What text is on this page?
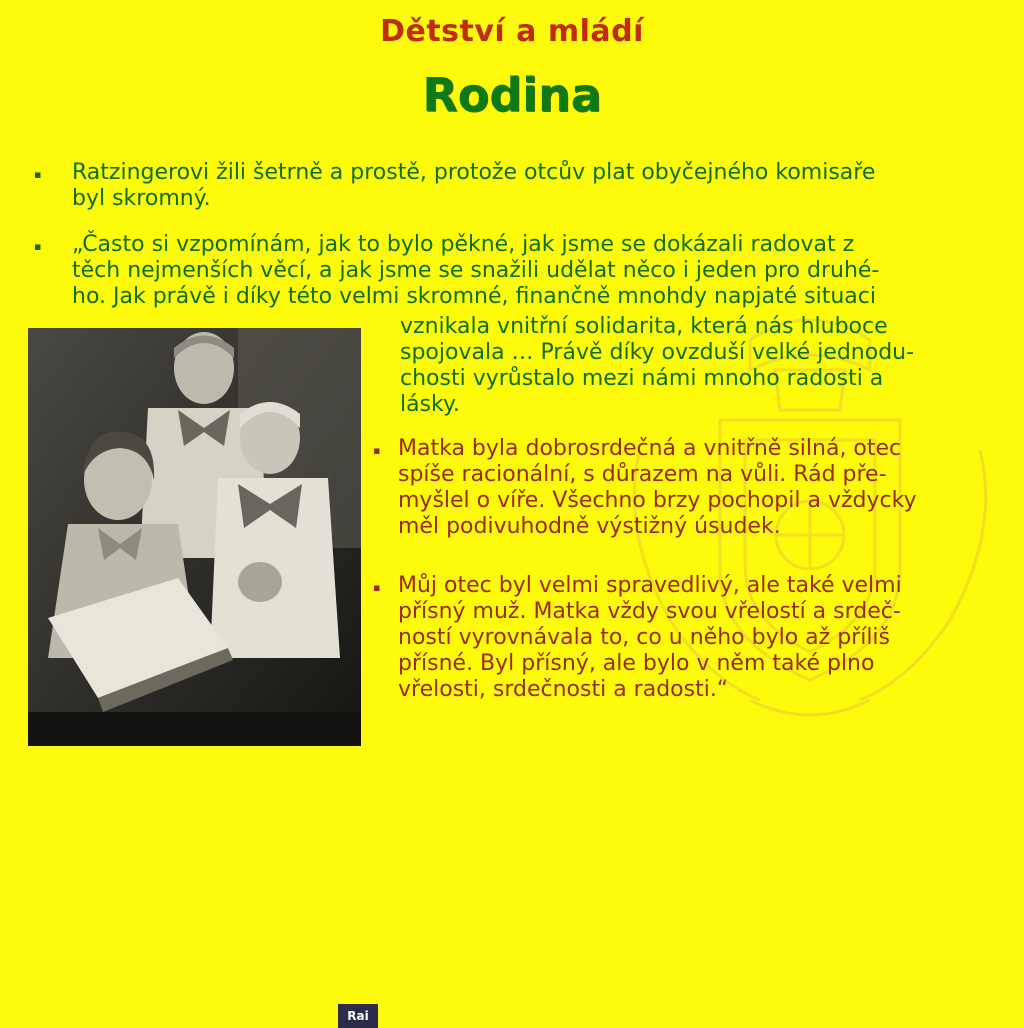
Dětství a mládí
Rodina
▪ Ratzingerovi žili šetrně a prostě, protože otcův plat obyčejného komisaře
byl skromný.
▪ „Často si vzpomínám, jak to bylo pěkné, jak jsme se dokázali radovat z
těch nejmenších věcí, a jak jsme se snažili udělat něco i jeden pro druhé-
ho. Jak právě i díky této velmi skromné, finančně mnohdy napjaté situaci
vznikala vnitřní solidarita, která nás hluboce
spojovala … Právě díky ovzduší velké jednodu-
chosti vyrůstalo mezi námi mnoho radosti a
lásky.
▪ Matka byla dobrosrdečná a vnitřně silná, otec
spíše racionální, s důrazem na vůli. Rád pře-
myšlel o víře. Všechno brzy pochopil a vždycky
měl podivuhodně výstižný úsudek.
▪ Můj otec byl velmi spravedlivý, ale také velmi
přísný muž. Matka vždy svou vřelostí a srdeč-
ností vyrovnávala to, co u něho bylo až příliš
přísné. Byl přísný, ale bylo v něm také plno
vřelosti, srdečnosti a radosti.“
Rai
